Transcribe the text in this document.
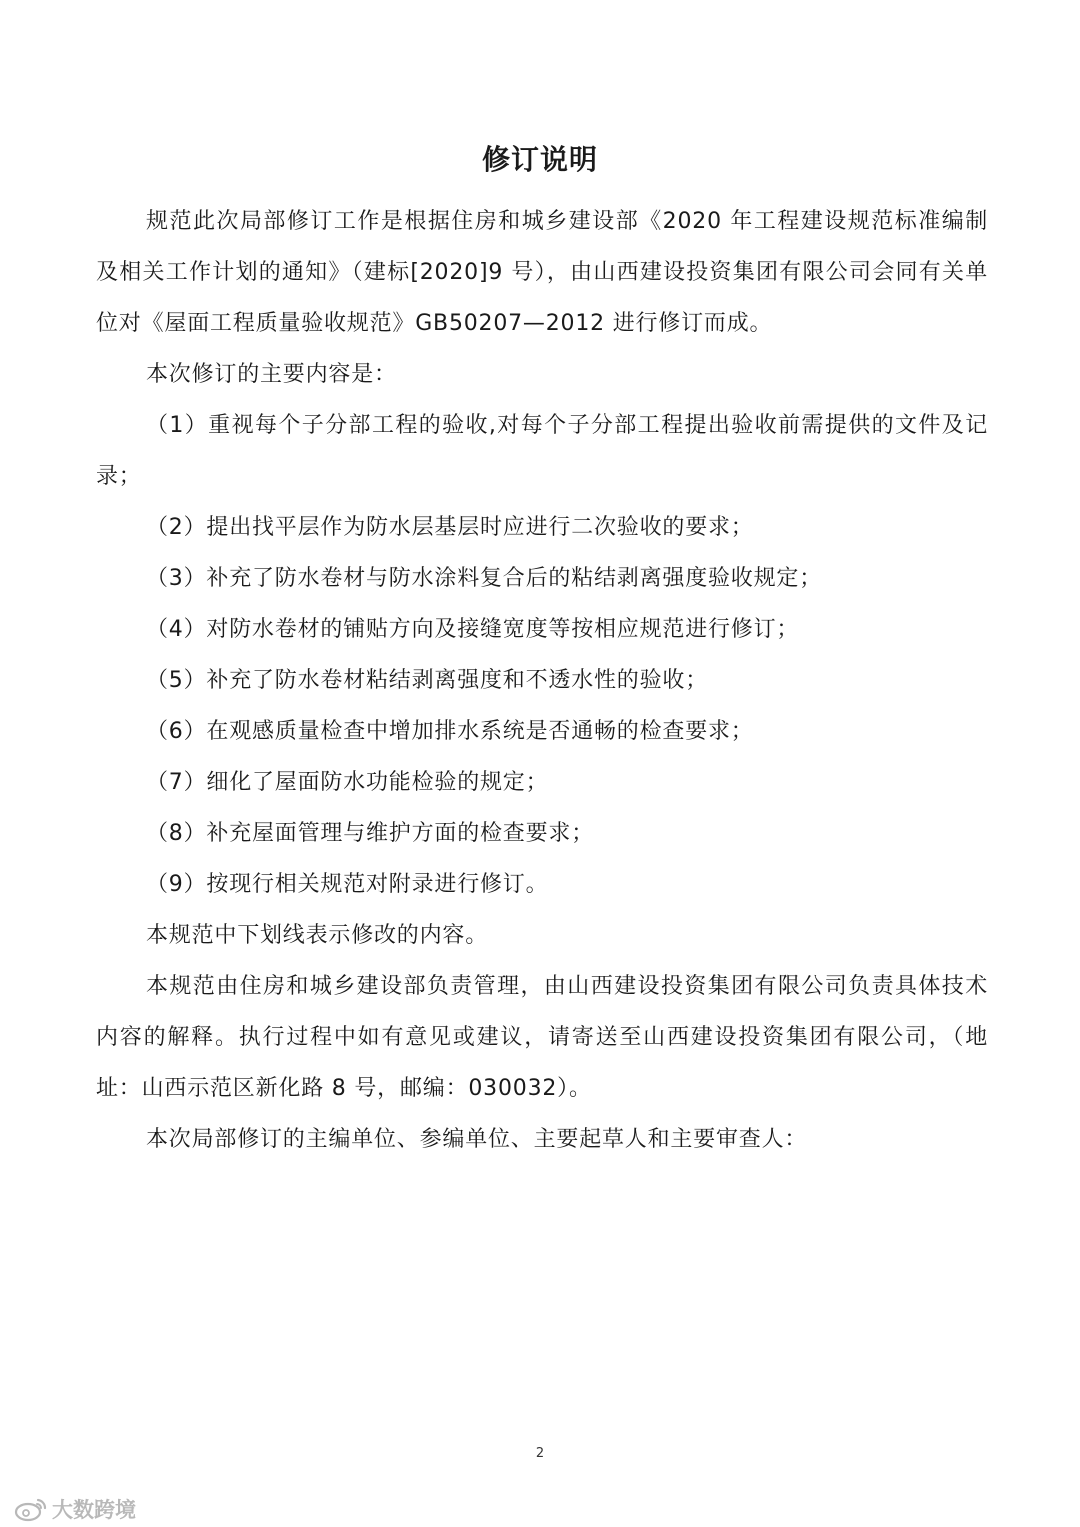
修订说明

规范此次局部修订工作是根据住房和城乡建设部《2020 年工程建设规范标准编制及相关工作计划的通知》（建标[2020]9 号），由山西建设投资集团有限公司会同有关单位对《屋面工程质量验收规范》GB50207—2012 进行修订而成。

本次修订的主要内容是：

（1）重视每个子分部工程的验收,对每个子分部工程提出验收前需提供的文件及记录；

（2）提出找平层作为防水层基层时应进行二次验收的要求；

（3）补充了防水卷材与防水涂料复合后的粘结剥离强度验收规定；

（4）对防水卷材的铺贴方向及接缝宽度等按相应规范进行修订；

（5）补充了防水卷材粘结剥离强度和不透水性的验收；

（6）在观感质量检查中增加排水系统是否通畅的检查要求；

（7）细化了屋面防水功能检验的规定；

（8）补充屋面管理与维护方面的检查要求；

（9）按现行相关规范对附录进行修订。

本规范中下划线表示修改的内容。

本规范由住房和城乡建设部负责管理，由山西建设投资集团有限公司负责具体技术内容的解释。执行过程中如有意见或建议，请寄送至山西建设投资集团有限公司，（地址：山西示范区新化路 8 号，邮编：030032）。

本次局部修订的主编单位、参编单位、主要起草人和主要审查人：

2
大数跨境
